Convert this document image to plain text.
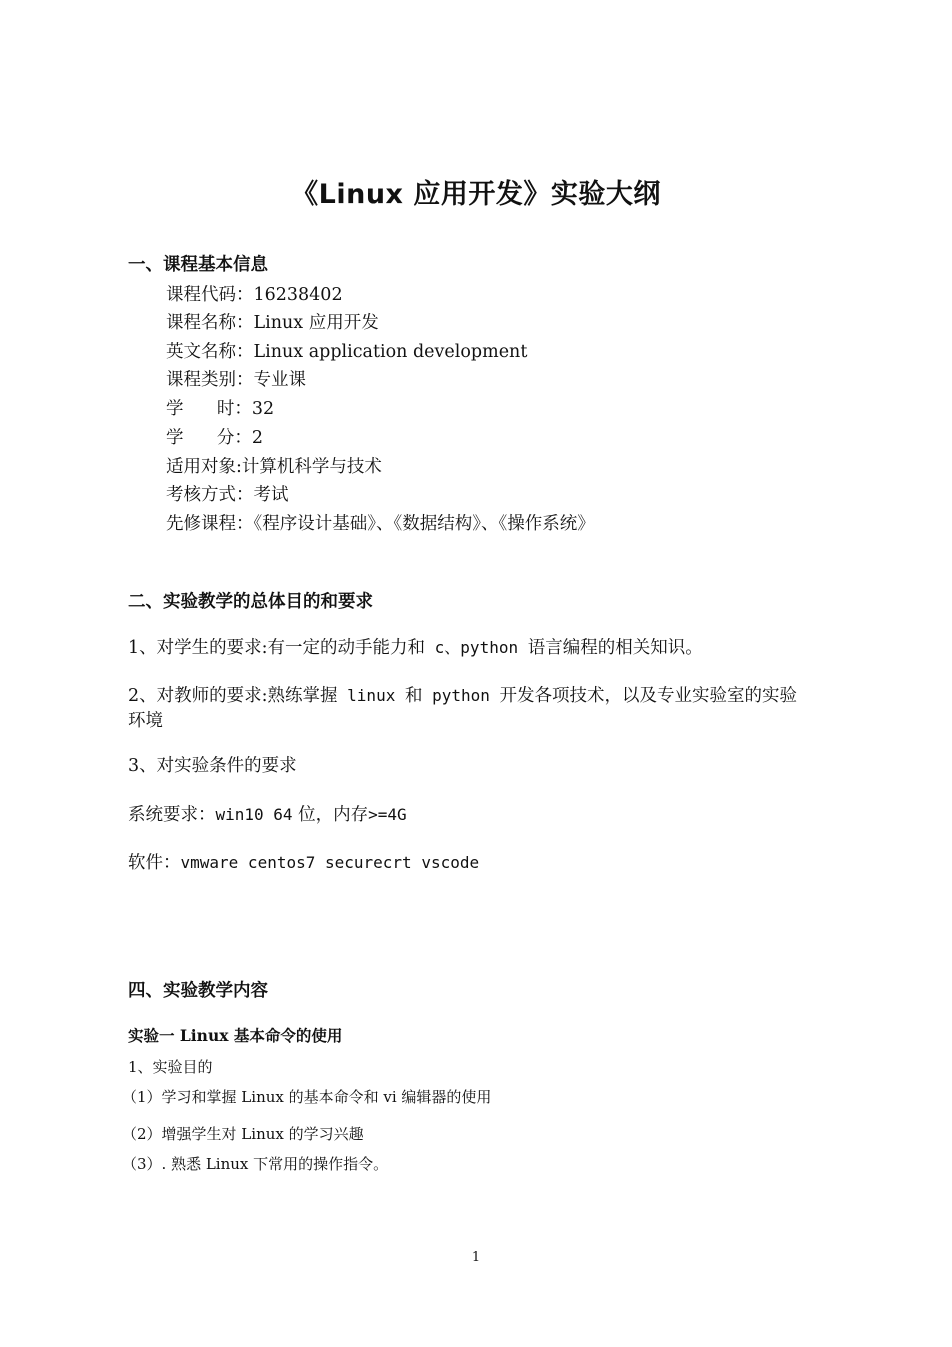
《Linux 应用开发》实验大纲
一、课程基本信息
课程代码：16238402
课程名称：Linux 应用开发
英文名称：Linux application development
课程类别：专业课
学      时：32
学      分：2
适用对象:计算机科学与技术
考核方式：考试
先修课程：《程序设计基础》、《数据结构》、《操作系统》
二、实验教学的总体目的和要求
1、对学生的要求:有一定的动手能力和 c、python 语言编程的相关知识。
2、对教师的要求:熟练掌握 linux 和 python 开发各项技术，以及专业实验室的实验
环境
3、对实验条件的要求
系统要求：win10 64 位，内存>=4G
软件：vmware centos7 securecrt vscode
四、实验教学内容
实验一 Linux 基本命令的使用
1、实验目的
（1）学习和掌握 Linux 的基本命令和 vi 编辑器的使用
（2）增强学生对 Linux 的学习兴趣
（3）. 熟悉 Linux 下常用的操作指令。
1
